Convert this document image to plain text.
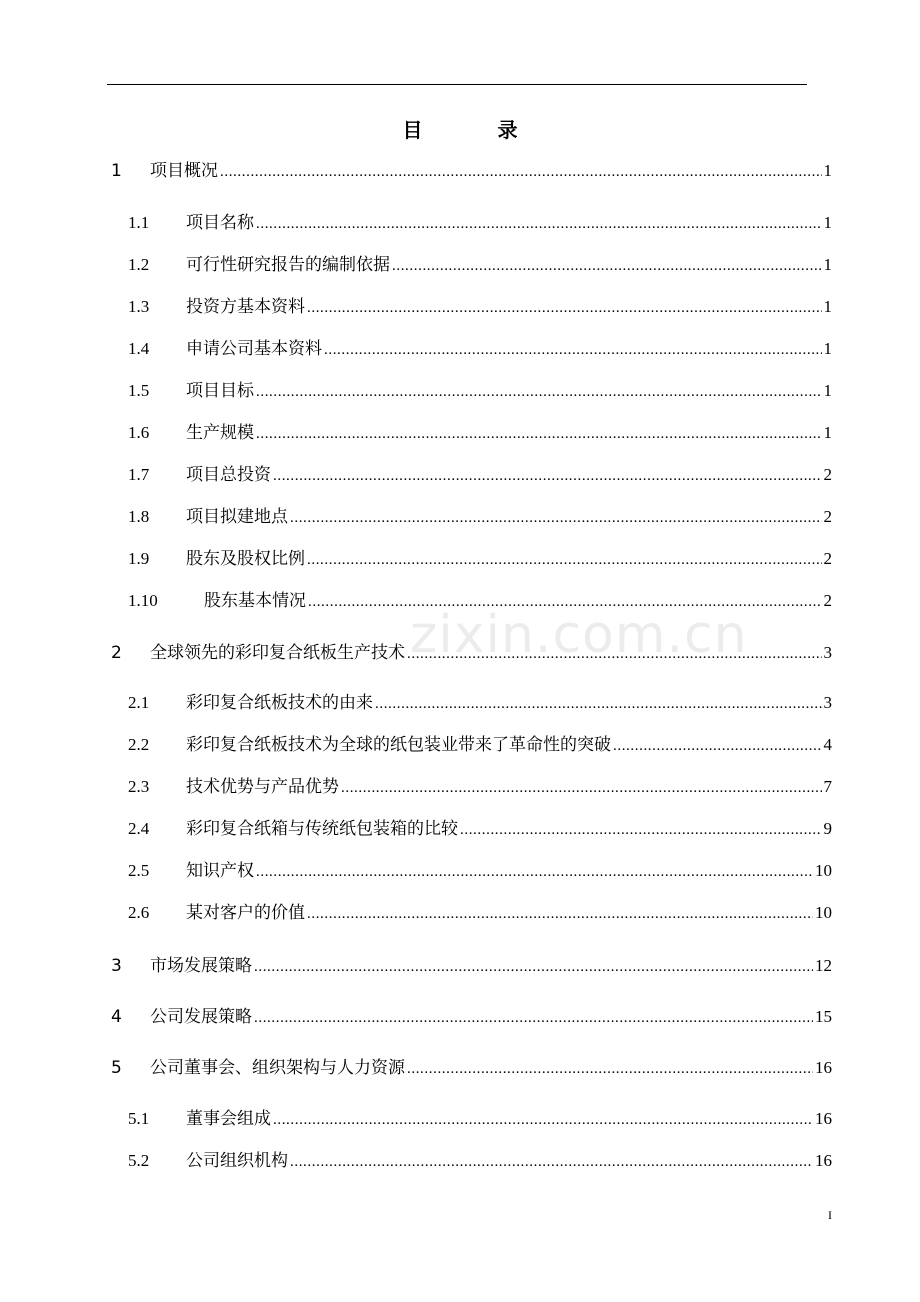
目 录
zixin.com.cn
1	项目概况 .....	1
1.1	项目名称 .....	1
1.2	可行性研究报告的编制依据 .....	1
1.3	投资方基本资料 .....	1
1.4	申请公司基本资料 .....	1
1.5	项目目标 .....	1
1.6	生产规模 .....	1
1.7	项目总投资 .....	2
1.8	项目拟建地点 .....	2
1.9	股东及股权比例 .....	2
1.10	股东基本情况 .....	2
2	全球领先的彩印复合纸板生产技术 .....	3
2.1	彩印复合纸板技术的由来 .....	3
2.2	彩印复合纸板技术为全球的纸包装业带来了革命性的突破 .....	4
2.3	技术优势与产品优势 .....	7
2.4	彩印复合纸箱与传统纸包装箱的比较 .....	9
2.5	知识产权 .....	10
2.6	某对客户的价值 .....	10
3	市场发展策略 .....	12
4	公司发展策略 .....	15
5	公司董事会、组织架构与人力资源 .....	16
5.1	董事会组成 .....	16
5.2	公司组织机构 .....	16
I
